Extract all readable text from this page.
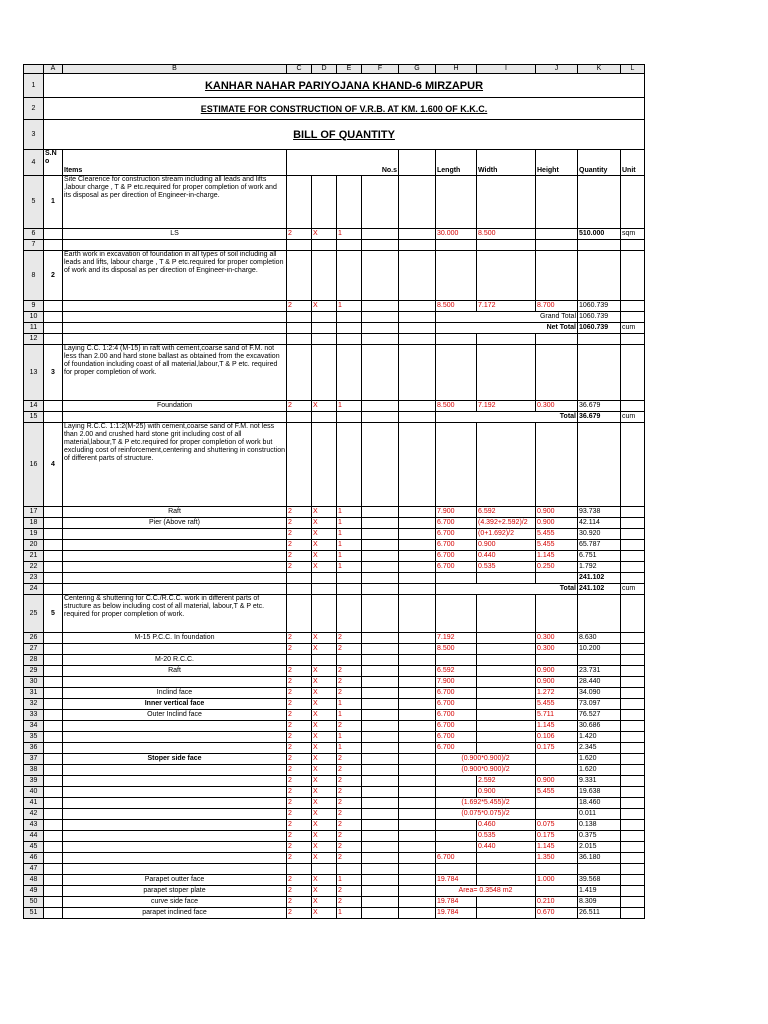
	A	B	C	D	E	F	G	H	I	J	K	L
1	KANHAR NAHAR PARIYOJANA KHAND-6 MIRZAPUR											
2	ESTIMATE FOR CONSTRUCTION OF V.R.B. AT KM. 1.600 OF K.K.C.											
3	BILL OF QUANTITY											
4	S.N o	Items	No.s					Length	Width	Height	Quantity	Unit
5	1	Site Clearence for construction stream including all leads and lifts ,labour charge , T & P etc.required for proper completion of work and its disposal as per direction of Engineer-in-charge.										
6		LS	2	X	1			30.000	8.500		510.000	sqm
7												
8	2	Earth work in excavation of foundation in all types of soil including all leads and lifts, labour charge , T & P etc.required for proper completion of work and its disposal as per direction of Engineer-in-charge.										
9			2	X	1			8.500	7.172	8.700	1060.739	
10								Grand Total			1060.739	
11								Net Total			1060.739	cum
12												
13	3	Laying C.C. 1:2:4 (M-15) in raft with cement,coarse sand of F.M. not less than 2.00 and hard stone ballast as obtained from the excavation of foundation including coast of all material,labour,T & P etc. required for proper completion of work.										
14		Foundation	2	X	1			8.500	7.192	0.300	36.679	
15								Total			36.679	cum
16	4	Laying R.C.C. 1:1:2(M-25) with cement,coarse sand of F.M. not less than 2.00 and crushed hard stone grit including cost of all material,labour,T & P etc.required for proper completion of work but excluding cost of reinforcement,centering and shuttering in construction of different parts of structure.										
17		Raft	2	X	1			7.900	6.592	0.900	93.738	
18		Pier (Above raft)	2	X	1			6.700	(4.392+2.592)/2	0.900	42.114	
19			2	X	1			6.700	(0+1.692)/2	5.455	30.920	
20			2	X	1			6.700	0.900	5.455	65.787	
21			2	X	1			6.700	0.440	1.145	6.751	
22			2	X	1			6.700	0.535	0.250	1.792	
23											241.102	
24								Total			241.102	cum
25	5	Centering & shuttering for C.C./R.C.C. work in different parts of structure as below including cost of all material, labour,T & P etc. required for proper completion of work.										
26		M-15 P.C.C. In foundation	2	X	2			7.192		0.300	8.630	
27			2	X	2			8.500		0.300	10.200	
28		M-20 R.C.C.										
29		Raft	2	X	2			6.592		0.900	23.731	
30			2	X	2			7.900		0.900	28.440	
31		Inclind face	2	X	2			6.700		1.272	34.090	
32		Inner vertical face	2	X	1			6.700		5.455	73.097	
33		Outer Inclind face	2	X	1			6.700		5.711	76.527	
34			2	X	2			6.700		1.145	30.686	
35			2	X	1			6.700		0.106	1.420	
36			2	X	1			6.700		0.175	2.345	
37		Stoper side face	2	X	2			(0.900*0.900)/2			1.620	
38			2	X	2			(0.900*0.900)/2			1.620	
39			2	X	2				2.592	0.900	9.331	
40			2	X	2				0.900	5.455	19.638	
41			2	X	2			(1.692*5.455)/2			18.460	
42			2	X	2			(0.075*0.075)/2			0.011	
43			2	X	2				0.460	0.075	0.138	
44			2	X	2				0.535	0.175	0.375	
45			2	X	2				0.440	1.145	2.015	
46			2	X	2			6.700		1.350	36.180	
47												
48		Parapet outter face	2	X	1			19.784		1.000	39.568	
49		parapet stoper plate	2	X	2			Area= 0.3548 m2			1.419	
50		curve side face	2	X	2			19.784		0.210	8.309	
51		parapet inclined face	2	X	1			19.784		0.670	26.511	
